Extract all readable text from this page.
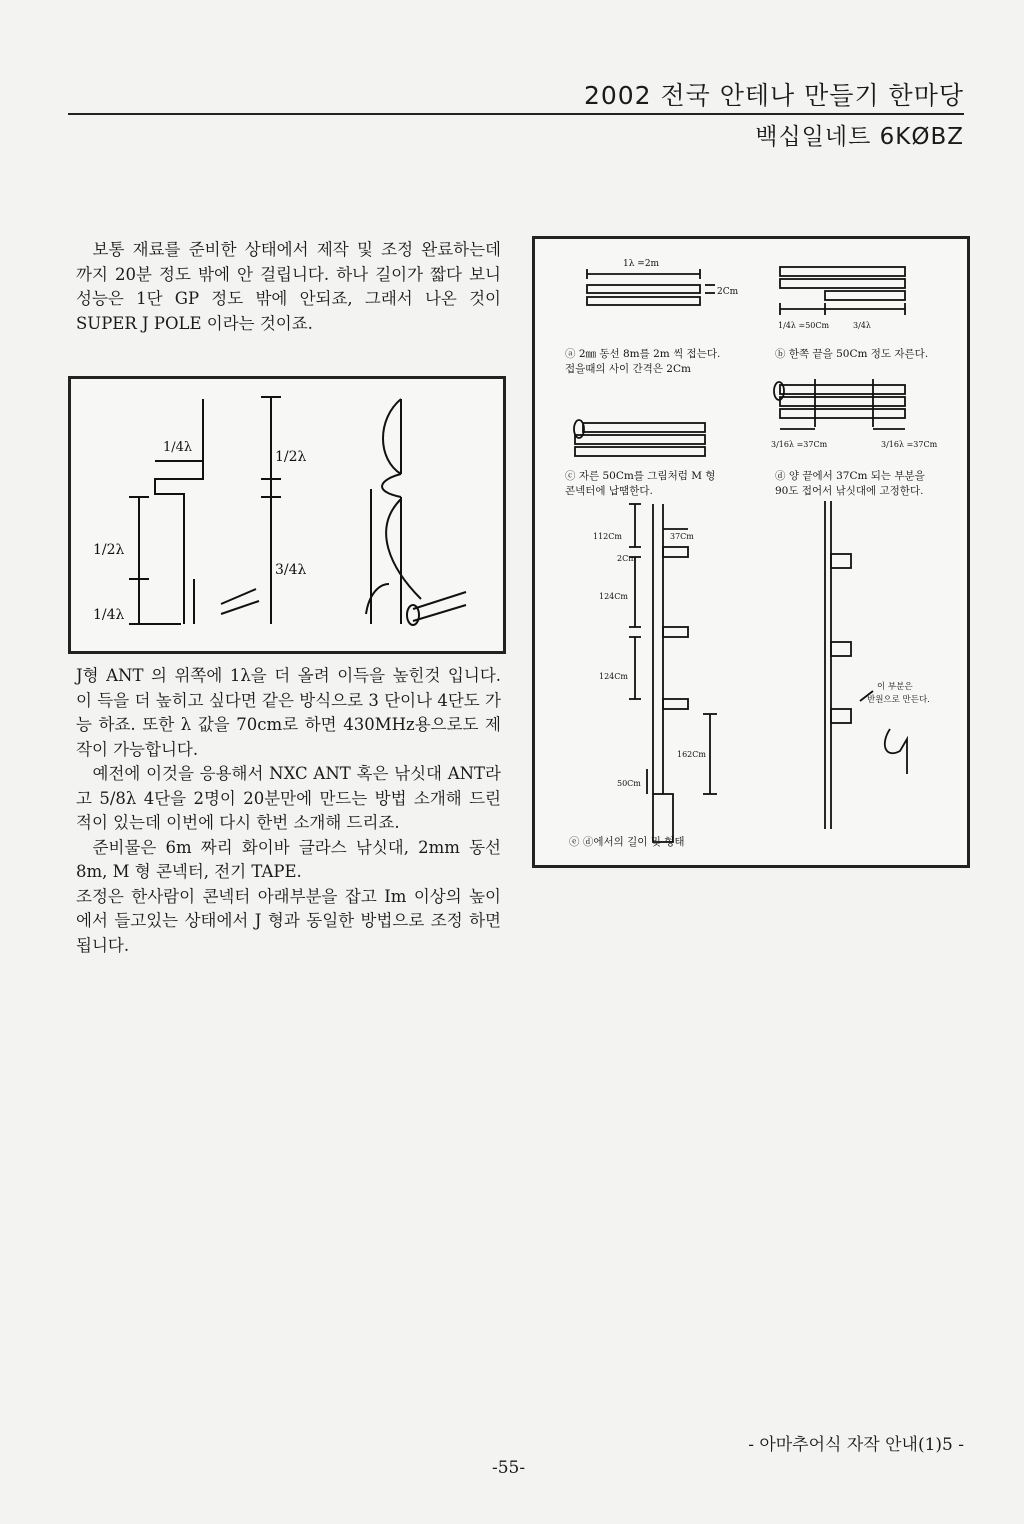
2002 전국 안테나 만들기 한마당
백십일네트 6KØBZ

보통 재료를 준비한 상태에서 제작 및 조정 완료하는데 까지 20분 정도 밖에 안 걸립니다. 하나 길이가 짧다 보니 성능은 1단 GP 정도 밖에 안되죠, 그래서 나온 것이 SUPER J POLE 이라는 것이죠.

1/4λ
1/2λ
1/2λ
3/4λ
1/4λ

J형 ANT 의 위쪽에 1λ을 더 올려 이득을 높힌것 입니다. 이 득을 더 높히고 싶다면 같은 방식으로 3 단이나 4단도 가능 하죠. 또한 λ 값을 70cm로 하면 430MHz용으로도 제작이 가능합니다.

예전에 이것을 응용해서 NXC ANT 혹은 낚싯대 ANT라고 5/8λ 4단을 2명이 20분만에 만드는 방법 소개해 드린 적이 있는데 이번에 다시 한번 소개해 드리죠.

준비물은 6m 짜리 화이바 글라스 낚싯대, 2mm 동선8m, M 형 콘넥터, 전기 TAPE.

조정은 한사람이 콘넥터 아래부분을 잡고 Im 이상의 높이에서 들고있는 상태에서 J 형과 동일한 방법으로 조정 하면 됩니다.

1λ =2m
2Cm
ⓐ 2㎜ 동선 8m를 2m 씩 접는다.
접을때의 사이 간격은 2Cm
1/4λ =50Cm	3/4λ
ⓑ 한쪽 끝을 50Cm 정도 자른다.
3/16λ =37Cm	3/16λ =37Cm
ⓒ 자른 50Cm를 그림처럼 M 형
콘넥터에 납땜한다.
ⓓ 양 끝에서 37Cm 되는 부분을
90도 접어서 낚싯대에 고정한다.
112Cm	37Cm
2Cm
124Cm
124Cm
162Cm
50Cm
이 부분은
반원으로 만든다.
ⓔ ⓓ에서의 길이 및 형태
- 아마추어식 자작 안내(1)5 -
-55-
